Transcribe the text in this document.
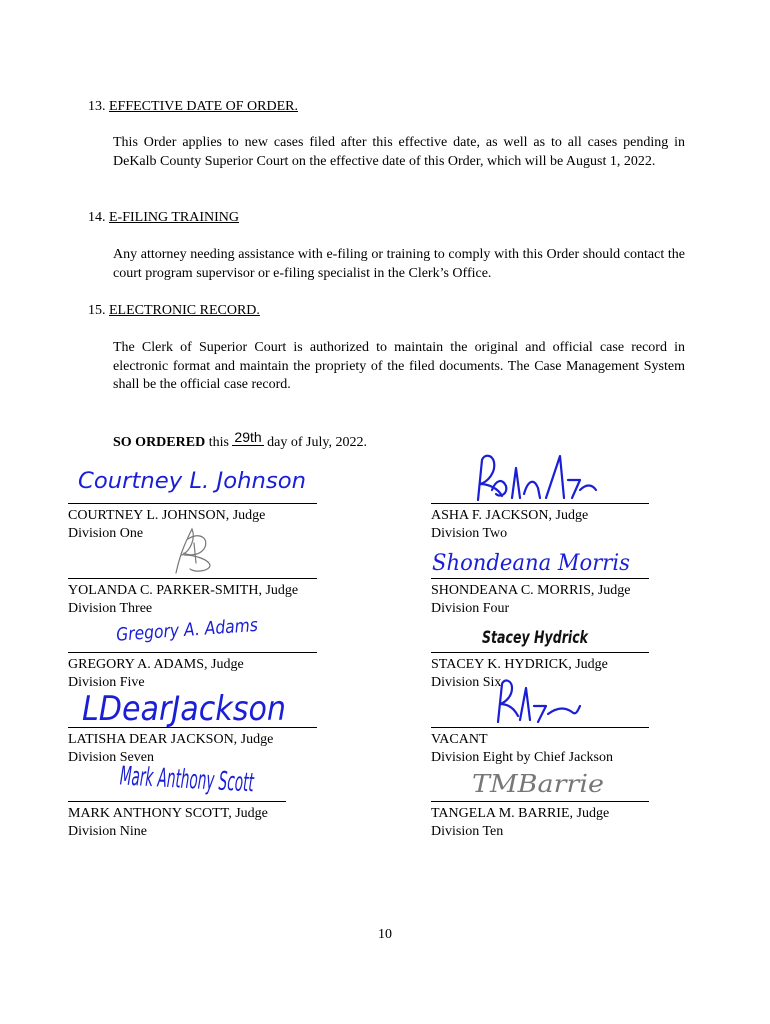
13. EFFECTIVE DATE OF ORDER.
This Order applies to new cases filed after this effective date, as well as to all cases pending in DeKalb County Superior Court on the effective date of this Order, which will be August 1, 2022.
14. E-FILING TRAINING
Any attorney needing assistance with e-filing or training to comply with this Order should contact the court program supervisor or e-filing specialist in the Clerk’s Office.
15. ELECTRONIC RECORD.
The Clerk of Superior Court is authorized to maintain the original and official case record in electronic format and maintain the propriety of the filed documents. The Case Management System shall be the official case record.
SO ORDERED this 29th day of July, 2022.
COURTNEY L. JOHNSON, Judge
Division One
ASHA F. JACKSON, Judge
Division Two
YOLANDA C. PARKER-SMITH, Judge
Division Three
SHONDEANA C. MORRIS, Judge
Division Four
GREGORY A. ADAMS, Judge
Division Five
STACEY K. HYDRICK, Judge
Division Six
LATISHA DEAR JACKSON, Judge
Division Seven
VACANT
Division Eight by Chief Jackson
MARK ANTHONY SCOTT, Judge
Division Nine
TANGELA M. BARRIE, Judge
Division Ten
Courtney L. Johnson
Shondeana Morris
Gregory A. Adams	Stacey Hydrick
LDearJackson
Mark Anthony Scott	TMBarrie
10
